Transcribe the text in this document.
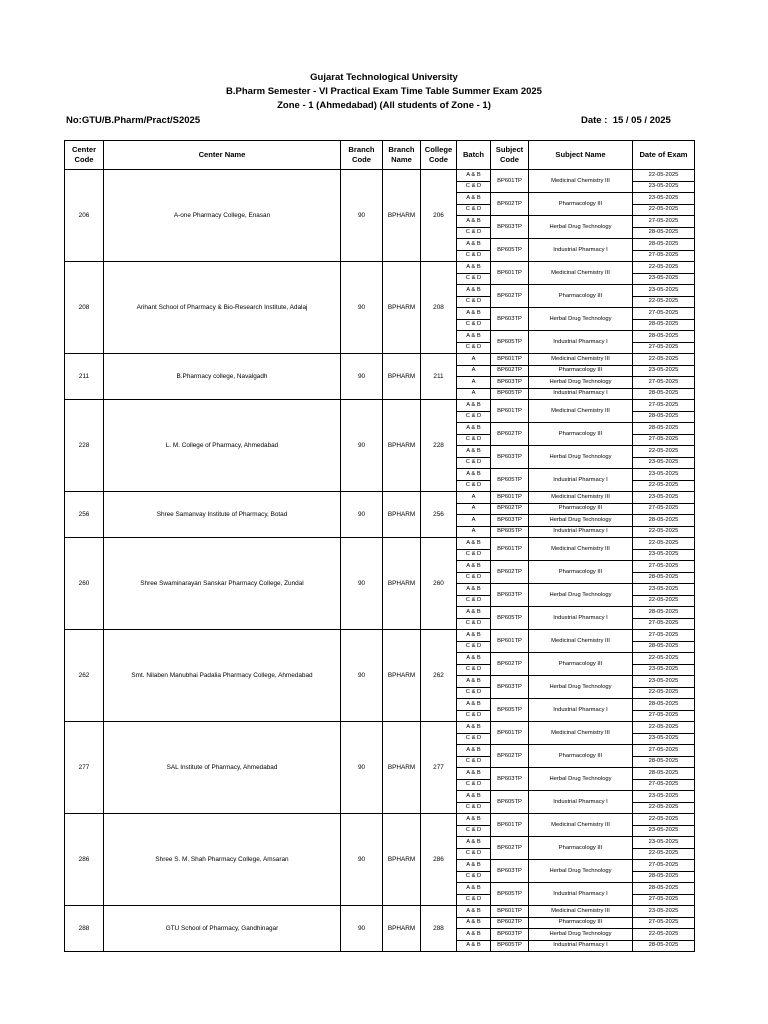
Gujarat Technological University
B.Pharm Semester - VI Practical Exam Time Table Summer Exam 2025
Zone - 1 (Ahmedabad) (All students of Zone - 1)
No:GTU/B.Pharm/Pract/S2025	Date : 15 / 05 / 2025
Center Code	Center Name	Branch Code	Branch Name	College Code	Batch	Subject Code	Subject Name	Date of Exam
206	A-one Pharmacy College, Enasan	90	BPHARM	206	A & B	BP601TP	Medicinal Chemistry III	22-05-2025
					C & D			23-05-2025
					A & B	BP602TP	Pharmacology III	23-05-2025
					C & D			22-05-2025
					A & B	BP603TP	Herbal Drug Technology	27-05-2025
					C & D			28-05-2025
					A & B	BP605TP	Industrial Pharmacy I	28-05-2025
					C & D			27-05-2025
208	Arihant School of Pharmacy & Bio-Research Institute, Adalaj	90	BPHARM	208	A & B	BP601TP	Medicinal Chemistry III	22-05-2025
					C & D			23-05-2025
					A & B	BP602TP	Pharmacology III	23-05-2025
					C & D			22-05-2025
					A & B	BP603TP	Herbal Drug Technology	27-05-2025
					C & D			28-05-2025
					A & B	BP605TP	Industrial Pharmacy I	28-05-2025
					C & D			27-05-2025
211	B.Pharmacy college, Navalgadh	90	BPHARM	211	A	BP601TP	Medicinal Chemistry III	22-05-2025
					A	BP602TP	Pharmacology III	23-05-2025
					A	BP603TP	Herbal Drug Technology	27-05-2025
					A	BP605TP	Industrial Pharmacy I	28-05-2025
228	L. M. College of Pharmacy, Ahmedabad	90	BPHARM	228	A & B	BP601TP	Medicinal Chemistry III	27-05-2025
					C & D			28-05-2025
					A & B	BP602TP	Pharmacology III	28-05-2025
					C & D			27-05-2025
					A & B	BP603TP	Herbal Drug Technology	22-05-2025
					C & D			23-05-2025
					A & B	BP605TP	Industrial Pharmacy I	23-05-2025
					C & D			22-05-2025
256	Shree Samanvay Institute of Pharmacy, Botad	90	BPHARM	256	A	BP601TP	Medicinal Chemistry III	23-05-2025
					A	BP602TP	Pharmacology III	27-05-2025
					A	BP603TP	Herbal Drug Technology	28-05-2025
					A	BP605TP	Industrial Pharmacy I	22-05-2025
260	Shree Swaminarayan Sanskar Pharmacy College, Zundal	90	BPHARM	260	A & B	BP601TP	Medicinal Chemistry III	22-05-2025
					C & D			23-05-2025
					A & B	BP602TP	Pharmacology III	27-05-2025
					C & D			28-05-2025
					A & B	BP603TP	Herbal Drug Technology	23-05-2025
					C & D			22-05-2025
					A & B	BP605TP	Industrial Pharmacy I	28-05-2025
					C & D			27-05-2025
262	Smt. Nilaben Manubhai Padalia Pharmacy College, Ahmedabad	90	BPHARM	262	A & B	BP601TP	Medicinal Chemistry III	27-05-2025
					C & D			28-05-2025
					A & B	BP602TP	Pharmacology III	22-05-2025
					C & D			23-05-2025
					A & B	BP603TP	Herbal Drug Technology	23-05-2025
					C & D			22-05-2025
					A & B	BP605TP	Industrial Pharmacy I	28-05-2025
					C & D			27-05-2025
277	SAL Institute of Pharmacy, Ahmedabad	90	BPHARM	277	A & B	BP601TP	Medicinal Chemistry III	22-05-2025
					C & D			23-05-2025
					A & B	BP602TP	Pharmacology III	27-05-2025
					C & D			28-05-2025
					A & B	BP603TP	Herbal Drug Technology	28-05-2025
					C & D			27-05-2025
					A & B	BP605TP	Industrial Pharmacy I	23-05-2025
					C & D			22-05-2025
286	Shree S. M. Shah Pharmacy College, Amsaran	90	BPHARM	286	A & B	BP601TP	Medicinal Chemistry III	22-05-2025
					C & D			23-05-2025
					A & B	BP602TP	Pharmacology III	23-05-2025
					C & D			22-05-2025
					A & B	BP603TP	Herbal Drug Technology	27-05-2025
					C & D			28-05-2025
					A & B	BP605TP	Industrial Pharmacy I	28-05-2025
					C & D			27-05-2025
288	GTU School of Pharmacy, Gandhinagar	90	BPHARM	288	A & B	BP601TP	Medicinal Chemistry III	23-05-2025
					A & B	BP602TP	Pharmacology III	27-05-2025
					A & B	BP603TP	Herbal Drug Technology	22-05-2025
					A & B	BP605TP	Industrial Pharmacy I	28-05-2025
